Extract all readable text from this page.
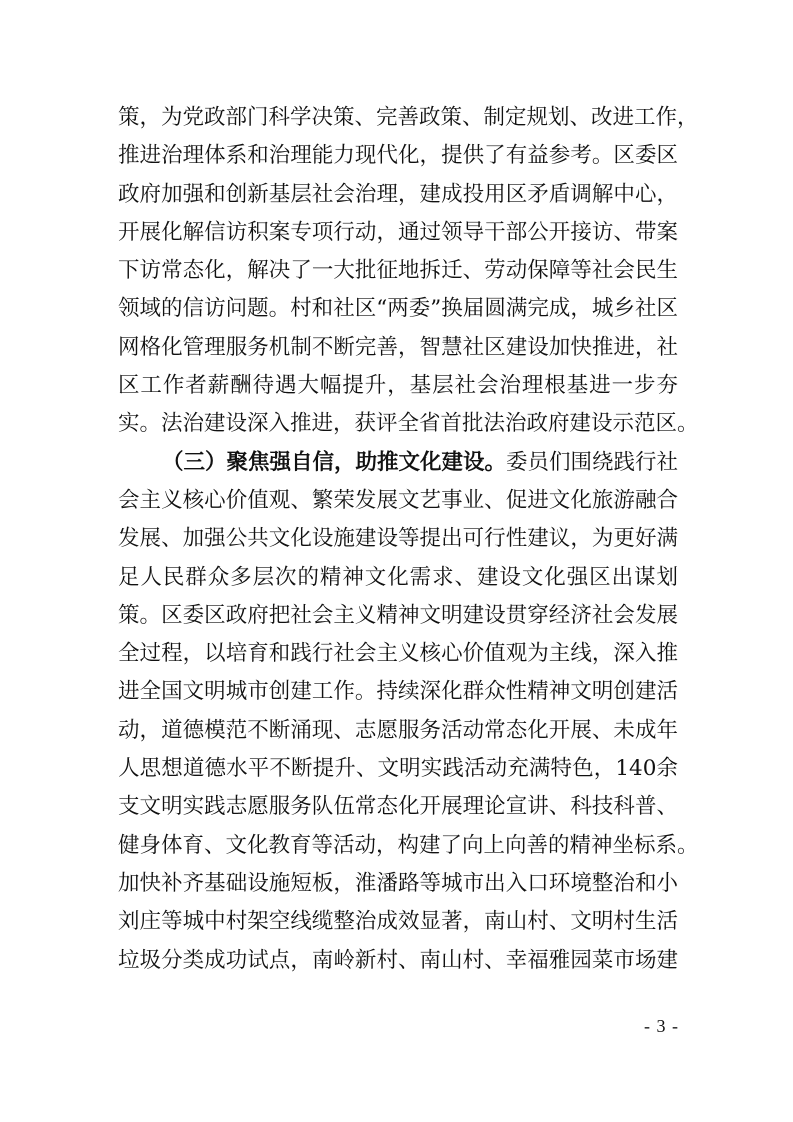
策，为党政部门科学决策、完善政策、制定规划、改进工作，
推进治理体系和治理能力现代化，提供了有益参考。区委区
政府加强和创新基层社会治理，建成投用区矛盾调解中心，
开展化解信访积案专项行动，通过领导干部公开接访、带案
下访常态化，解决了一大批征地拆迁、劳动保障等社会民生
领域的信访问题。村和社区“两委”换届圆满完成，城乡社区
网格化管理服务机制不断完善，智慧社区建设加快推进，社
区工作者薪酬待遇大幅提升，基层社会治理根基进一步夯
实。法治建设深入推进，获评全省首批法治政府建设示范区。
（三）聚焦强自信，助推文化建设。委员们围绕践行社
会主义核心价值观、繁荣发展文艺事业、促进文化旅游融合
发展、加强公共文化设施建设等提出可行性建议，为更好满
足人民群众多层次的精神文化需求、建设文化强区出谋划
策。区委区政府把社会主义精神文明建设贯穿经济社会发展
全过程，以培育和践行社会主义核心价值观为主线，深入推
进全国文明城市创建工作。持续深化群众性精神文明创建活
动，道德模范不断涌现、志愿服务活动常态化开展、未成年
人思想道德水平不断提升、文明实践活动充满特色，140余
支文明实践志愿服务队伍常态化开展理论宣讲、科技科普、
健身体育、文化教育等活动，构建了向上向善的精神坐标系。
加快补齐基础设施短板，淮潘路等城市出入口环境整治和小
刘庄等城中村架空线缆整治成效显著，南山村、文明村生活
垃圾分类成功试点，南岭新村、南山村、幸福雅园菜市场建
- 3 -
